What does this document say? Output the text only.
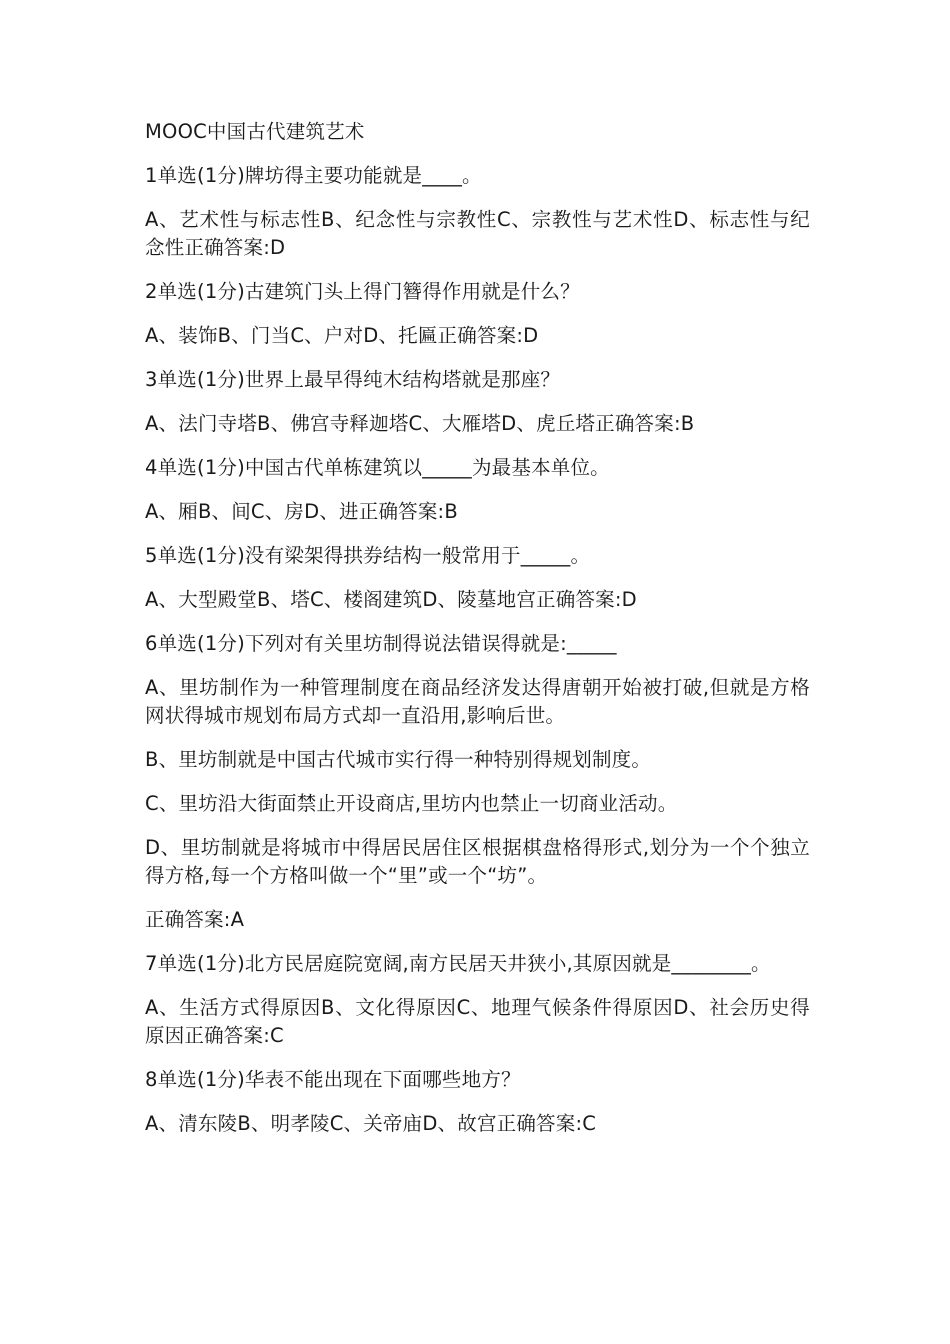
MOOC中国古代建筑艺术

1单选(1分)牌坊得主要功能就是____。

A、艺术性与标志性B、纪念性与宗教性C、宗教性与艺术性D、标志性与纪念性正确答案:D

2单选(1分)古建筑门头上得门簪得作用就是什么？

A、装饰B、门当C、户对D、托匾正确答案:D

3单选(1分)世界上最早得纯木结构塔就是那座？

A、法门寺塔B、佛宫寺释迦塔C、大雁塔D、虎丘塔正确答案:B

4单选(1分)中国古代单栋建筑以_____为最基本单位。

A、厢B、间C、房D、进正确答案:B

5单选(1分)没有梁架得拱券结构一般常用于_____。

A、大型殿堂B、塔C、楼阁建筑D、陵墓地宫正确答案:D

6单选(1分)下列对有关里坊制得说法错误得就是:_____

A、里坊制作为一种管理制度在商品经济发达得唐朝开始被打破,但就是方格网状得城市规划布局方式却一直沿用,影响后世。

B、里坊制就是中国古代城市实行得一种特别得规划制度。

C、里坊沿大街面禁止开设商店,里坊内也禁止一切商业活动。

D、里坊制就是将城市中得居民居住区根据棋盘格得形式,划分为一个个独立得方格,每一个方格叫做一个“里”或一个“坊”。

正确答案:A

7单选(1分)北方民居庭院宽阔,南方民居天井狭小,其原因就是________。

A、生活方式得原因B、文化得原因C、地理气候条件得原因D、社会历史得原因正确答案:C

8单选(1分)华表不能出现在下面哪些地方？

A、清东陵B、明孝陵C、关帝庙D、故宫正确答案:C
